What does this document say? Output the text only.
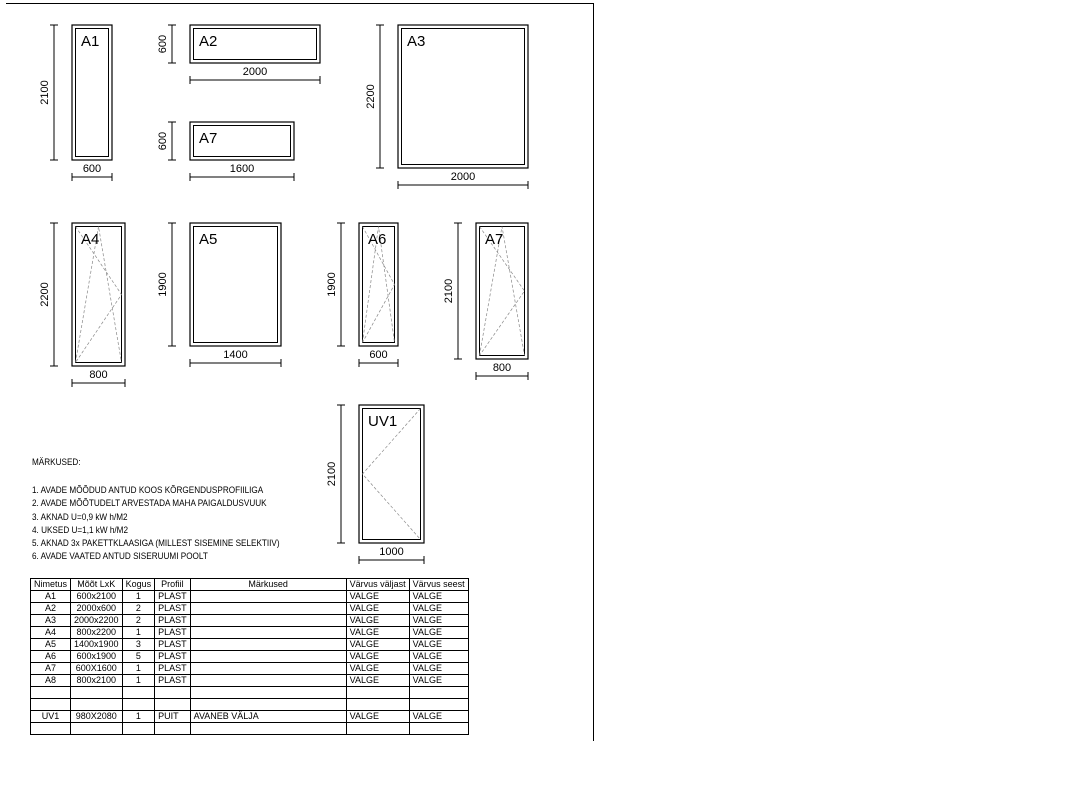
A1
600
2100
A2
2000
600
A7
1600
600
A3
2000
2200
A4
800
2200
A5
1400
1900
A6
600
1900
A7
800
2100
UV1
1000
2100
MÄRKUSED:
1. AVADE MÕÕDUD ANTUD KOOS KÕRGENDUSPROFIILIGA
2. AVADE MÕÕTUDELT ARVESTADA MAHA PAIGALDUSVUUK
3. AKNAD U=0,9 kW h/M2
4. UKSED U=1,1 kW h/M2
5. AKNAD 3x PAKETTKLAASIGA (MILLEST SISEMINE SELEKTIIV)
6. AVADE VAATED ANTUD SISERUUMI POOLT
Nimetus	Mõõt LxK	Kogus	Profiil	Märkused	Värvus väljast	Värvus seest
A1	600x2100	1	PLAST		VALGE	VALGE
A2	2000x600	2	PLAST		VALGE	VALGE
A3	2000x2200	2	PLAST		VALGE	VALGE
A4	800x2200	1	PLAST		VALGE	VALGE
A5	1400x1900	3	PLAST		VALGE	VALGE
A6	600x1900	5	PLAST		VALGE	VALGE
A7	600X1600	1	PLAST		VALGE	VALGE
A8	800x2100	1	PLAST		VALGE	VALGE

UV1	980X2080	1	PUIT	AVANEB VÄLJA	VALGE	VALGE
